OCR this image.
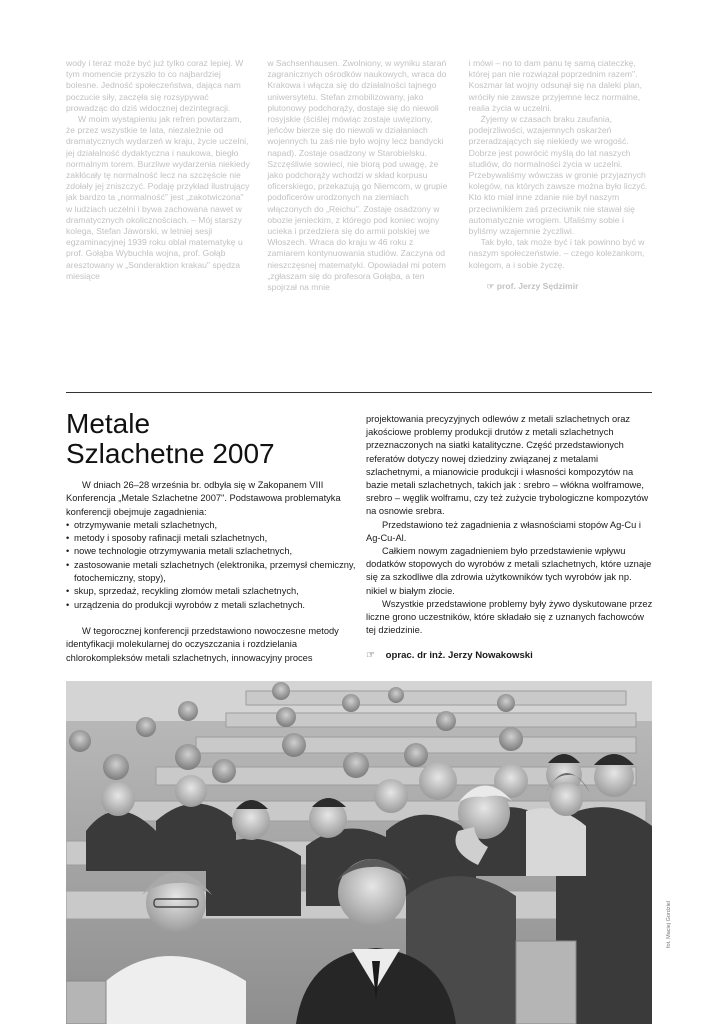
wody i teraz może być już tylko coraz lepiej. W tym momencie przyszło to co najbardziej bolesne. Jedność społeczeństwa, dająca nam poczucie siły, zaczęła się rozsypywać prowadząc do dziś widocznej dezintegracji.

W moim wystąpieniu jak refren powtarzam, że przez wszystkie te lata, niezależnie od dramatycznych wydarzeń w kraju, życie uczelni, jej działalność dydaktyczna i naukowa, biegło normalnym torem. Burzliwe wydarzenia niekiedy zakłócały tę normalność lecz na szczęście nie zdołały jej zniszczyć. Podaję przykład ilustrujący jak bardzo ta „normalność" jest „zakotwiczona" w ludziach uczelni i bywa zachowana nawet w dramatycznych okolicznościach. – Mój starszy kolega, Stefan Jaworski, w letniej sesji egzaminacyjnej 1939 roku oblał matematykę u prof. Gołąba Wybuchła wojna, prof. Gołąb aresztowany w „Sonderaktion krakau" spędza miesiące

w Sachsenhausen. Zwolniony, w wyniku starań zagranicznych ośrodków naukowych, wraca do Krakowa i włącza się do działalności tajnego uniwersytetu. Stefan zmobilizowany, jako plutonowy podchorąży, dostaje się do niewoli rosyjskie (ściślej mówiąc zostaje uwięziony, jeńców bierze się do niewoli w działaniach wojennych tu zaś nie było wojny lecz bandycki napad). Zostaje osadzony w Starobielsku. Szczęśliwie sowieci, nie biorą pod uwagę, że jako podchorąży wchodzi w skład korpusu oficerskiego, przekazują go Niemcom, w grupie podoficerów urodzonych na ziemiach włączonych do „Reichu". Zostaje osadzony w obozie jenieckim, z którego pod koniec wojny ucieka i przedziera się do armii polskiej we Włoszech. Wraca do kraju w 46 roku z zamiarem kontynuowania studiów. Zaczyna od nieszczęsnej matematyki. Opowiadał mi potem „zgłaszam się do profesora Gołąba, a ten spojrzał na mnie

i mówi – no to dam panu tę samą ciateczkę, której pan nie rozwiązał poprzednim razem". Koszmar lat wojny odsunął się na daleki plan, wróciły nie zawsze przyjemne lecz normalne, realia życia w uczelni.

Żyjemy w czasach braku zaufania, podejrzliwości, wzajemnych oskarżeń przeradzających się niekiedy we wrogość. Dobrze jest powrócić myślą do lat naszych studiów, do normalności życia w uczelni. Przebywaliśmy wówczas w gronie przyjaznych kolegów, na których zawsze można było liczyć. Kto kto miał inne zdanie nie był naszym przeciwnikiem zaś przeciwnik nie stawał się automatycznie wrogiem. Ufaliśmy sobie i byliśmy wzajemnie życzliwi.

Tak było, tak może być i tak powinno być w naszym społeczeństwie. – czego koleżankom, kolegom, a i sobie życzę.

☞ prof. Jerzy Sędzimir

Metale
Szlachetne 2007

W dniach 26–28 września br. odbyła się w Zakopanem VIII Konferencja „Metale Szlachetne 2007". Podstawowa problematyka konferencji obejmuje zagadnienia:

• otrzymywanie metali szlachetnych,
• metody i sposoby rafinacji metali szlachetnych,
• nowe technologie otrzymywania metali szlachetnych,
• zastosowanie metali szlachetnych (elektronika, przemysł chemiczny, fotochemiczny, stopy),
• skup, sprzedaż, recykling złomów metali szlachetnych,
• urządzenia do produkcji wyrobów z metali szlachetnych.

W tegorocznej konferencji przedstawiono nowoczesne metody identyfikacji molekularnej do oczyszczania i rozdzielania chlorokompleksów metali szlachetnych, innowacyjny proces

projektowania precyzyjnych odlewów z metali szlachetnych oraz jakościowe problemy produkcji drutów z metali szlachetnych przeznaczonych na siatki katalityczne. Część przedstawionych referatów dotyczy nowej dziedziny związanej z metalami szlachetnymi, a mianowicie produkcji i własności kompozytów na bazie metali szlachetnych, takich jak : srebro – włókna wolframowe, srebro – węglik wolframu, czy też zużycie trybologiczne kompozytów na osnowie srebra.

Przedstawiono też zagadnienia z własnościami stopów Ag-Cu i Ag-Cu-Al.

Całkiem nowym zagadnieniem było przedstawienie wpływu dodatków stopowych do wyrobów z metali szlachetnych, które uznaje się za szkodliwe dla zdrowia użytkowników tych wyrobów jak np. nikiel w białym złocie.

Wszystkie przedstawione problemy były żywo dyskutowane przez liczne grono uczestników, które składało się z uznanych fachowców tej dziedzinie.

☞ oprac. dr inż. Jerzy Nowakowski

fot. Maciej Gordziel
